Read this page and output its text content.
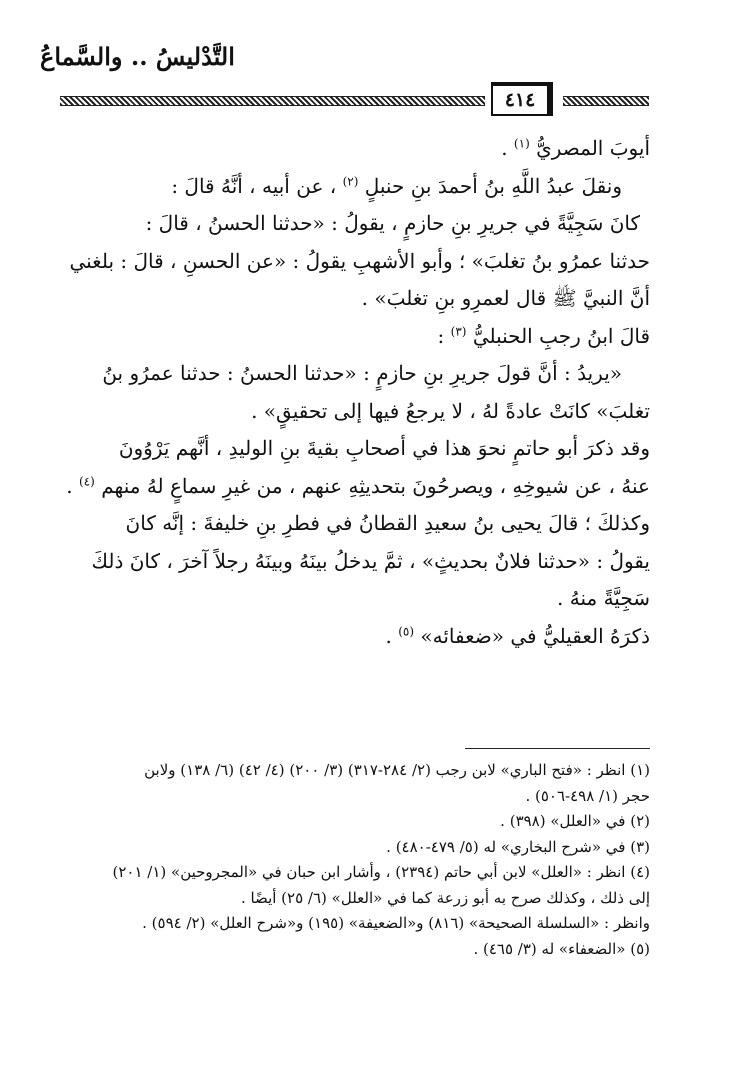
التَّدْليسُ .. والسَّماعُ
٤١٤

أيوبَ المصريُّ $^{(١)}$ .

ونقلَ عبدُ اللَّهِ بنُ أحمدَ بنِ حنبلٍ $^{(٢)}$ ، عن أبيه ، أنَّهُ قالَ :

كانَ سَجِيَّةً في جريرِ بنِ حازمٍ ، يقولُ : «حدثنا الحسنُ ، قالَ :

حدثنا عمرُو بنُ تغلبَ» ؛ وأبو الأشهبِ يقولُ : «عن الحسنِ ، قالَ : بلغني

أنَّ النبيَّ ﷺ قال لعمرِو بنِ تغلبَ» .

قالَ ابنُ رجبِ الحنبليُّ $^{(٣)}$ :

«يريدُ : أنَّ قولَ جريرِ بنِ حازمٍ : «حدثنا الحسنُ : حدثنا عمرُو بنُ

تغلبَ» كانَتْ عادةً لهُ ، لا يرجعُ فيها إلى تحقيقٍ» .

وقد ذكرَ أبو حاتمٍ نحوَ هذا في أصحابِ بقيةَ بنِ الوليدِ ، أنَّهم يَرْوُونَ

عنهُ ، عن شيوخِهِ ، ويصرحُونَ بتحديثِهِ عنهم ، من غيرِ سماعٍ لهُ منهم $^{(٤)}$ .

وكذلكَ ؛ قالَ يحيى بنُ سعيدِ القطانُ في فطرِ بنِ خليفةَ : إنَّه كانَ

يقولُ : «حدثنا فلانٌ بحديثٍ» ، ثمَّ يدخلُ بينَهُ وبينَهُ رجلاً آخرَ ، كانَ ذلكَ

سَجِيَّةً منهُ .

ذكرَهُ العقيليُّ في «ضعفائه» $^{(٥)}$ .

(١) انظر : «فتح الباري» لابن رجب (٢/ ٢٨٤-٣١٧) (٣/ ٢٠٠) (٤/ ٤٢) (٦/ ١٣٨) ولابن

حجر (١/ ٤٩٨-٥٠٦) .

(٢) في «العلل» (٣٩٨) .

(٣) في «شرح البخاري» له (٥/ ٤٧٩-٤٨٠) .

(٤) انظر : «العلل» لابن أبي حاتم (٢٣٩٤) ، وأشار ابن حبان في «المجروحين» (١/ ٢٠١)

إلى ذلك ، وكذلك صرح به أبو زرعة كما في «العلل» (٦/ ٢٥) أيضًا .

وانظر : «السلسلة الصحيحة» (٨١٦) و«الضعيفة» (١٩٥) و«شرح العلل» (٢/ ٥٩٤) .

(٥) «الضعفاء» له (٣/ ٤٦٥) .
